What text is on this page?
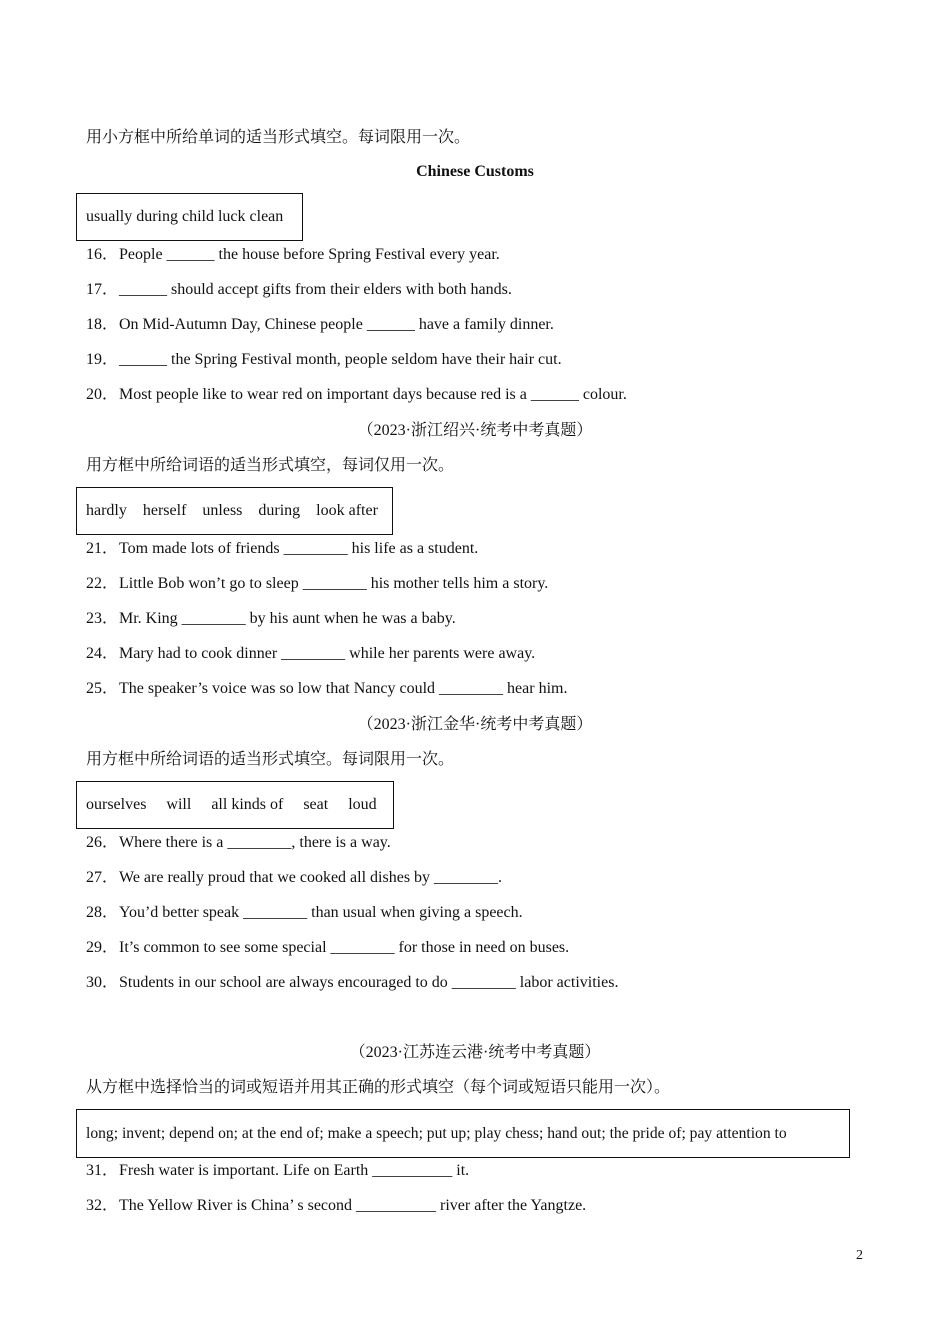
用小方框中所给单词的适当形式填空。每词限用一次。
Chinese Customs
usually during child luck clean
16．People ______ the house before Spring Festival every year.
17．______ should accept gifts from their elders with both hands.
18．On Mid-Autumn Day, Chinese people ______ have a family dinner.
19．______ the Spring Festival month, people seldom have their hair cut.
20．Most people like to wear red on important days because red is a ______ colour.
（2023·浙江绍兴·统考中考真题）
用方框中所给词语的适当形式填空，每词仅用一次。
hardly    herself    unless    during    look after
21．Tom made lots of friends ________ his life as a student.
22．Little Bob won’t go to sleep ________ his mother tells him a story.
23．Mr. King ________ by his aunt when he was a baby.
24．Mary had to cook dinner ________ while her parents were away.
25．The speaker’s voice was so low that Nancy could ________ hear him.
（2023·浙江金华·统考中考真题）
用方框中所给词语的适当形式填空。每词限用一次。
ourselves     will     all kinds of     seat     loud
26．Where there is a ________, there is a way.
27．We are really proud that we cooked all dishes by ________.
28．You’d better speak ________ than usual when giving a speech.
29．It’s common to see some special ________ for those in need on buses.
30．Students in our school are always encouraged to do ________ labor activities.
（2023·江苏连云港·统考中考真题）
从方框中选择恰当的词或短语并用其正确的形式填空（每个词或短语只能用一次）。
long; invent; depend on; at the end of; make a speech; put up; play chess; hand out; the pride of; pay attention to
31．Fresh water is important. Life on Earth __________ it.
32．The Yellow River is China’ s second __________ river after the Yangtze.
2
